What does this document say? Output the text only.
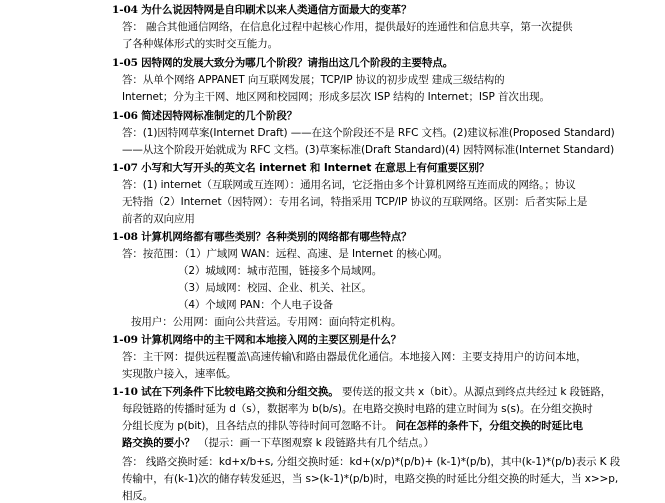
1-04 为什么说因特网是自印刷术以来人类通信方面最大的变革？
答： 融合其他通信网络，在信息化过程中起核心作用，提供最好的连通性和信息共享，第一次提供
了各种媒体形式的实时交互能力。
1-05 因特网的发展大致分为哪几个阶段？请指出这几个阶段的主要特点。
答：从单个网络 APPANET 向互联网发展；TCP/IP 协议的初步成型 建成三级结构的
Internet；分为主干网、地区网和校园网；形成多层次 ISP 结构的 Internet；ISP 首次出现。
1-06 简述因特网标准制定的几个阶段？
答：(1)因特网草案(Internet Draft) ——在这个阶段还不是 RFC 文档。(2)建议标准(Proposed Standard)
——从这个阶段开始就成为 RFC 文档。(3)草案标准(Draft Standard)(4) 因特网标准(Internet Standard)
1-07 小写和大写开头的英文名 internet 和 Internet 在意思上有何重要区别？
答：(1) internet（互联网或互连网）：通用名词，它泛指由多个计算机网络互连而成的网络。；协议
无特指（2）Internet（因特网）：专用名词，特指采用 TCP/IP 协议的互联网络。区别：后者实际上是
前者的双向应用
1-08 计算机网络都有哪些类别？各种类别的网络都有哪些特点？
答：按范围：（1）广域网 WAN：远程、高速、是 Internet 的核心网。
（2）城域网：城市范围，链接多个局域网。
（3）局域网：校园、企业、机关、社区。
（4）个域网 PAN：个人电子设备
按用户：公用网：面向公共营运。专用网：面向特定机构。
1-09 计算机网络中的主干网和本地接入网的主要区别是什么？
答：主干网：提供远程覆盖\高速传输\和路由器最优化通信。本地接入网：主要支持用户的访问本地，
实现散户接入，速率低。
1-10 试在下列条件下比较电路交换和分组交换。 要传送的报文共 x（bit）。从源点到终点共经过 k 段链路，
每段链路的传播时延为 d（s），数据率为 b(b/s)。在电路交换时电路的建立时间为 s(s)。在分组交换时
分组长度为 p(bit)，且各结点的排队等待时间可忽略不计。 问在怎样的条件下，分组交换的时延比电
路交换的要小？ （提示：画一下草图观察 k 段链路共有几个结点。）
答： 线路交换时延：kd+x/b+s, 分组交换时延：kd+(x/p)*(p/b)+ (k-1)*(p/b)，其中(k-1)*(p/b)表示 K 段
传输中，有(k-1)次的储存转发延迟，当 s>(k-1)*(p/b)时，电路交换的时延比分组交换的时延大，当 x>>p,
相反。
